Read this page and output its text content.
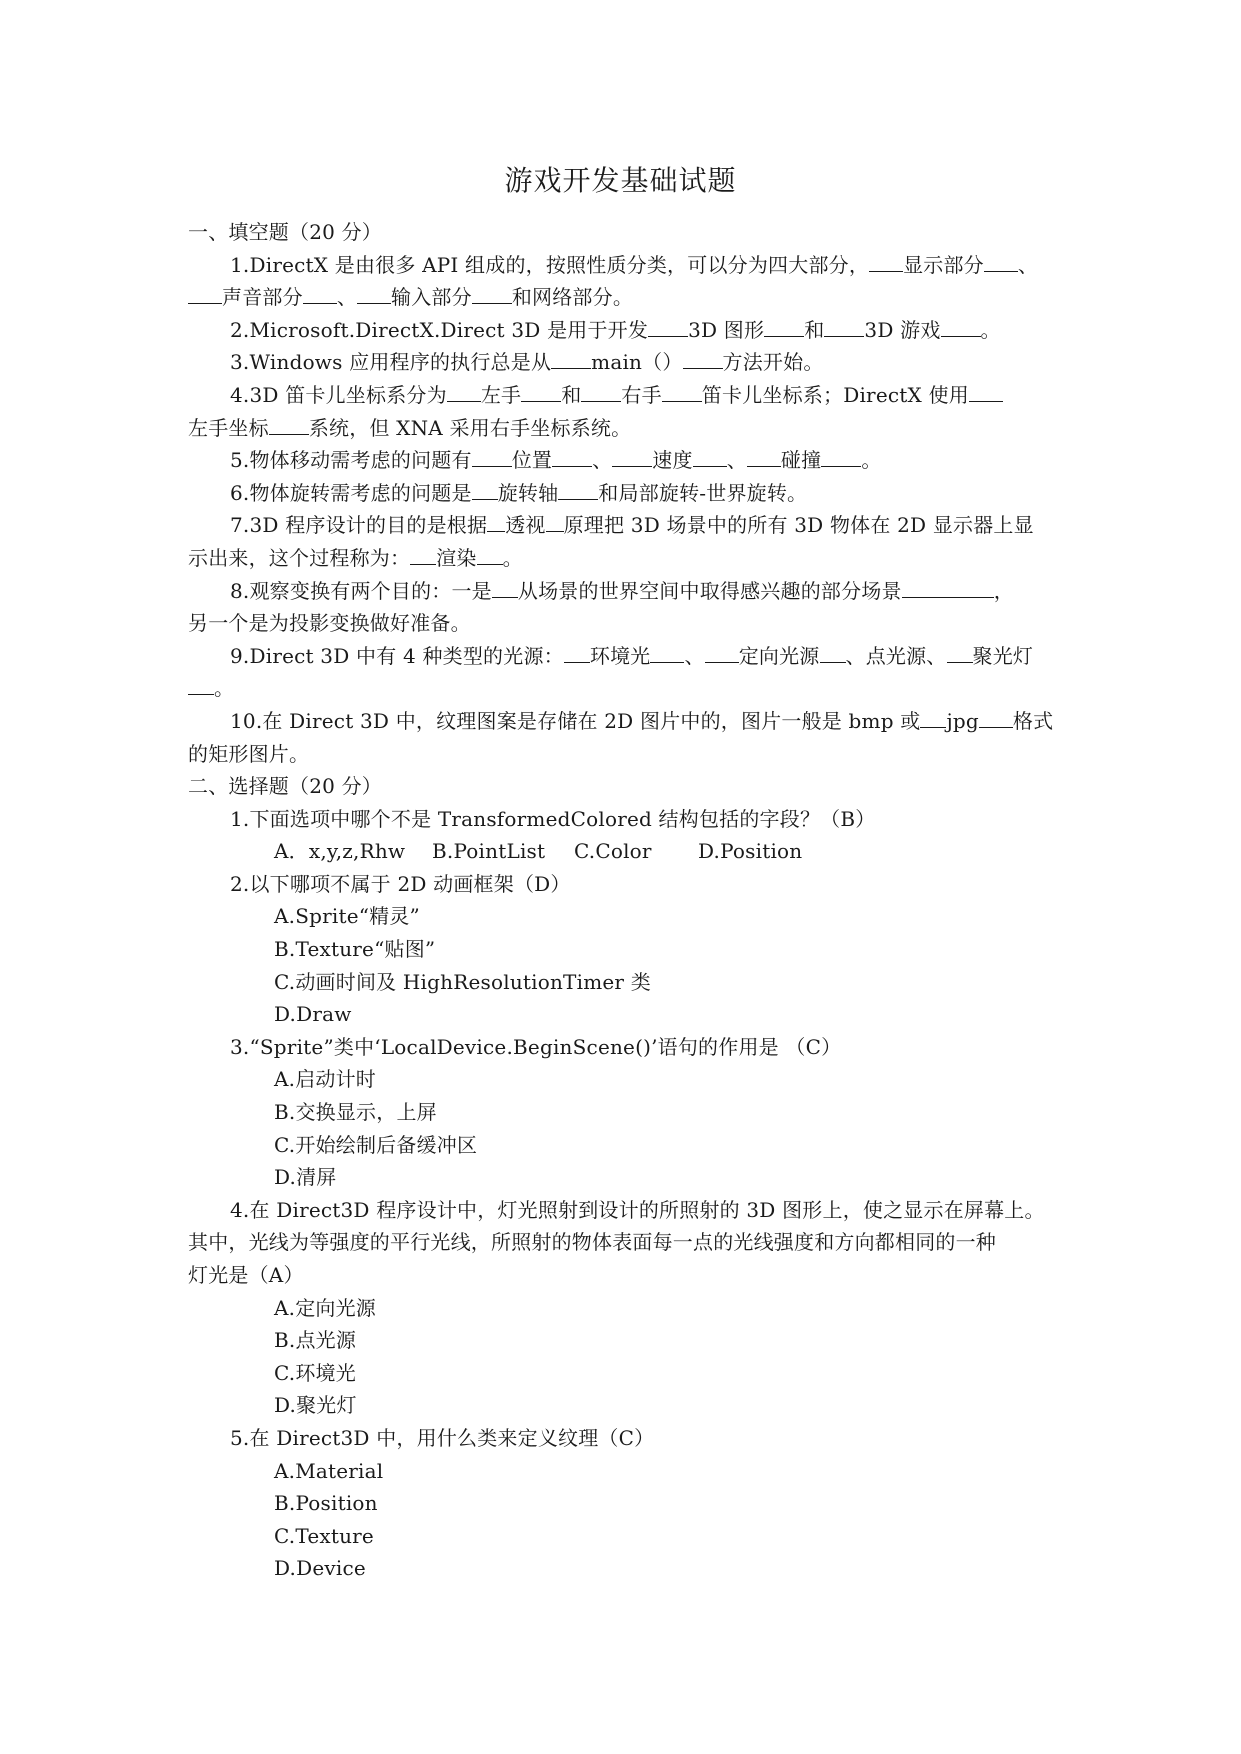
游戏开发基础试题
一、填空题（20 分）
1.DirectX 是由很多 API 组成的，按照性质分类，可以分为四大部分， 显示部分 、
声音部分 、 输入部分 和网络部分。
2.Microsoft.DirectX.Direct 3D 是用于开发 3D 图形 和 3D 游戏 。
3.Windows 应用程序的执行总是从 main（） 方法开始。
4.3D 笛卡儿坐标系分为 左手 和 右手 笛卡儿坐标系；DirectX 使用
左手坐标 系统，但 XNA 采用右手坐标系统。
5.物体移动需考虑的问题有 位置 、 速度 、 碰撞 。
6.物体旋转需考虑的问题是 旋转轴 和局部旋转-世界旋转。
7.3D 程序设计的目的是根据 透视 原理把 3D 场景中的所有 3D 物体在 2D 显示器上显
示出来，这个过程称为： 渲染 。
8.观察变换有两个目的：一是 从场景的世界空间中取得感兴趣的部分场景	，
另一个是为投影变换做好准备。
9.Direct 3D 中有 4 种类型的光源： 环境光 、 定向光源 、点光源、 聚光灯
。
10.在 Direct 3D 中，纹理图案是存储在 2D 图片中的，图片一般是 bmp 或 jpg 格式
的矩形图片。
二、选择题（20 分）
1.下面选项中哪个不是 TransformedColored 结构包括的字段？（B）
A．x,y,z,Rhw B.PointList C.Color D.Position
2.以下哪项不属于 2D 动画框架（D）
A.Sprite“精灵”
B.Texture“贴图”
C.动画时间及 HighResolutionTimer 类
D.Draw
3.“Sprite”类中‘LocalDevice.BeginScene()’语句的作用是 （C）
A.启动计时
B.交换显示，上屏
C.开始绘制后备缓冲区
D.清屏
4.在 Direct3D 程序设计中，灯光照射到设计的所照射的 3D 图形上，使之显示在屏幕上。
其中，光线为等强度的平行光线，所照射的物体表面每一点的光线强度和方向都相同的一种
灯光是（A）
A.定向光源
B.点光源
C.环境光
D.聚光灯
5.在 Direct3D 中，用什么类来定义纹理（C）
A.Material
B.Position
C.Texture
D.Device
